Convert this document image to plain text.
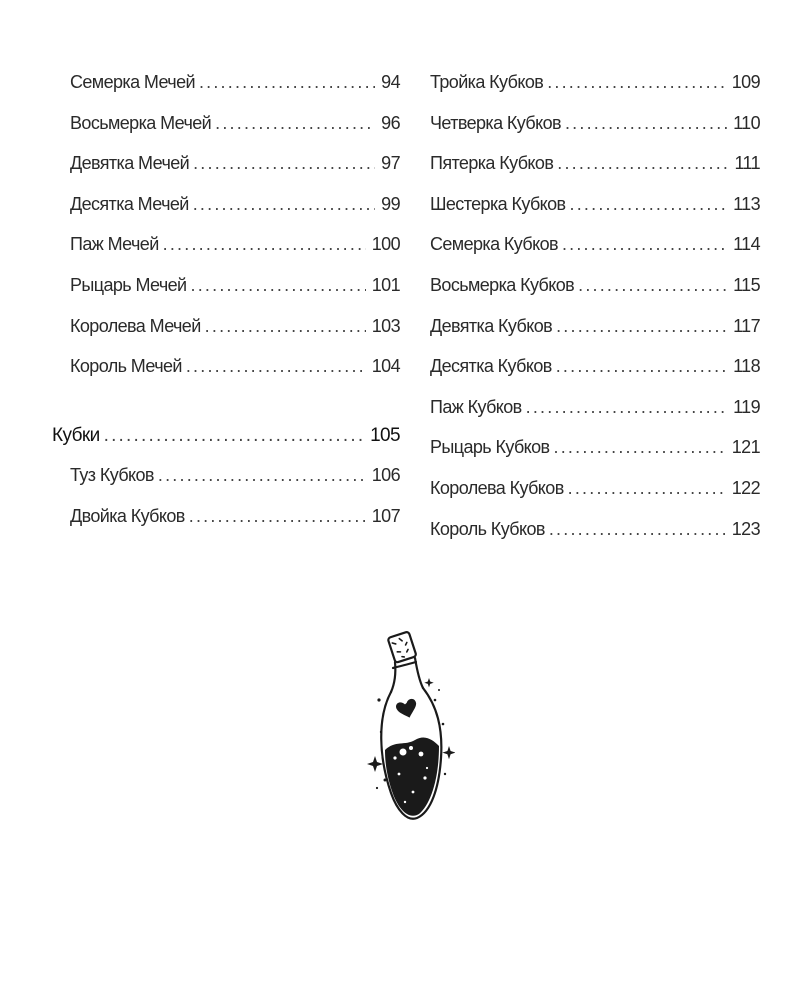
Семерка Мечей .....	94
Восьмерка Мечей .....	96
Девятка Мечей .....	97
Десятка Мечей .....	99
Паж Мечей .....	100
Рыцарь Мечей .....	101
Королева Мечей .....	103
Король Мечей .....	104
Кубки .....	105
Туз Кубков .....	106
Двойка Кубков .....	107
Тройка Кубков .....	109
Четверка Кубков .....	110
Пятерка Кубков .....	111
Шестерка Кубков .....	113
Семерка Кубков .....	114
Восьмерка Кубков .....	115
Девятка Кубков .....	117
Десятка Кубков .....	118
Паж Кубков .....	119
Рыцарь Кубков .....	121
Королева Кубков .....	122
Король Кубков .....	123
